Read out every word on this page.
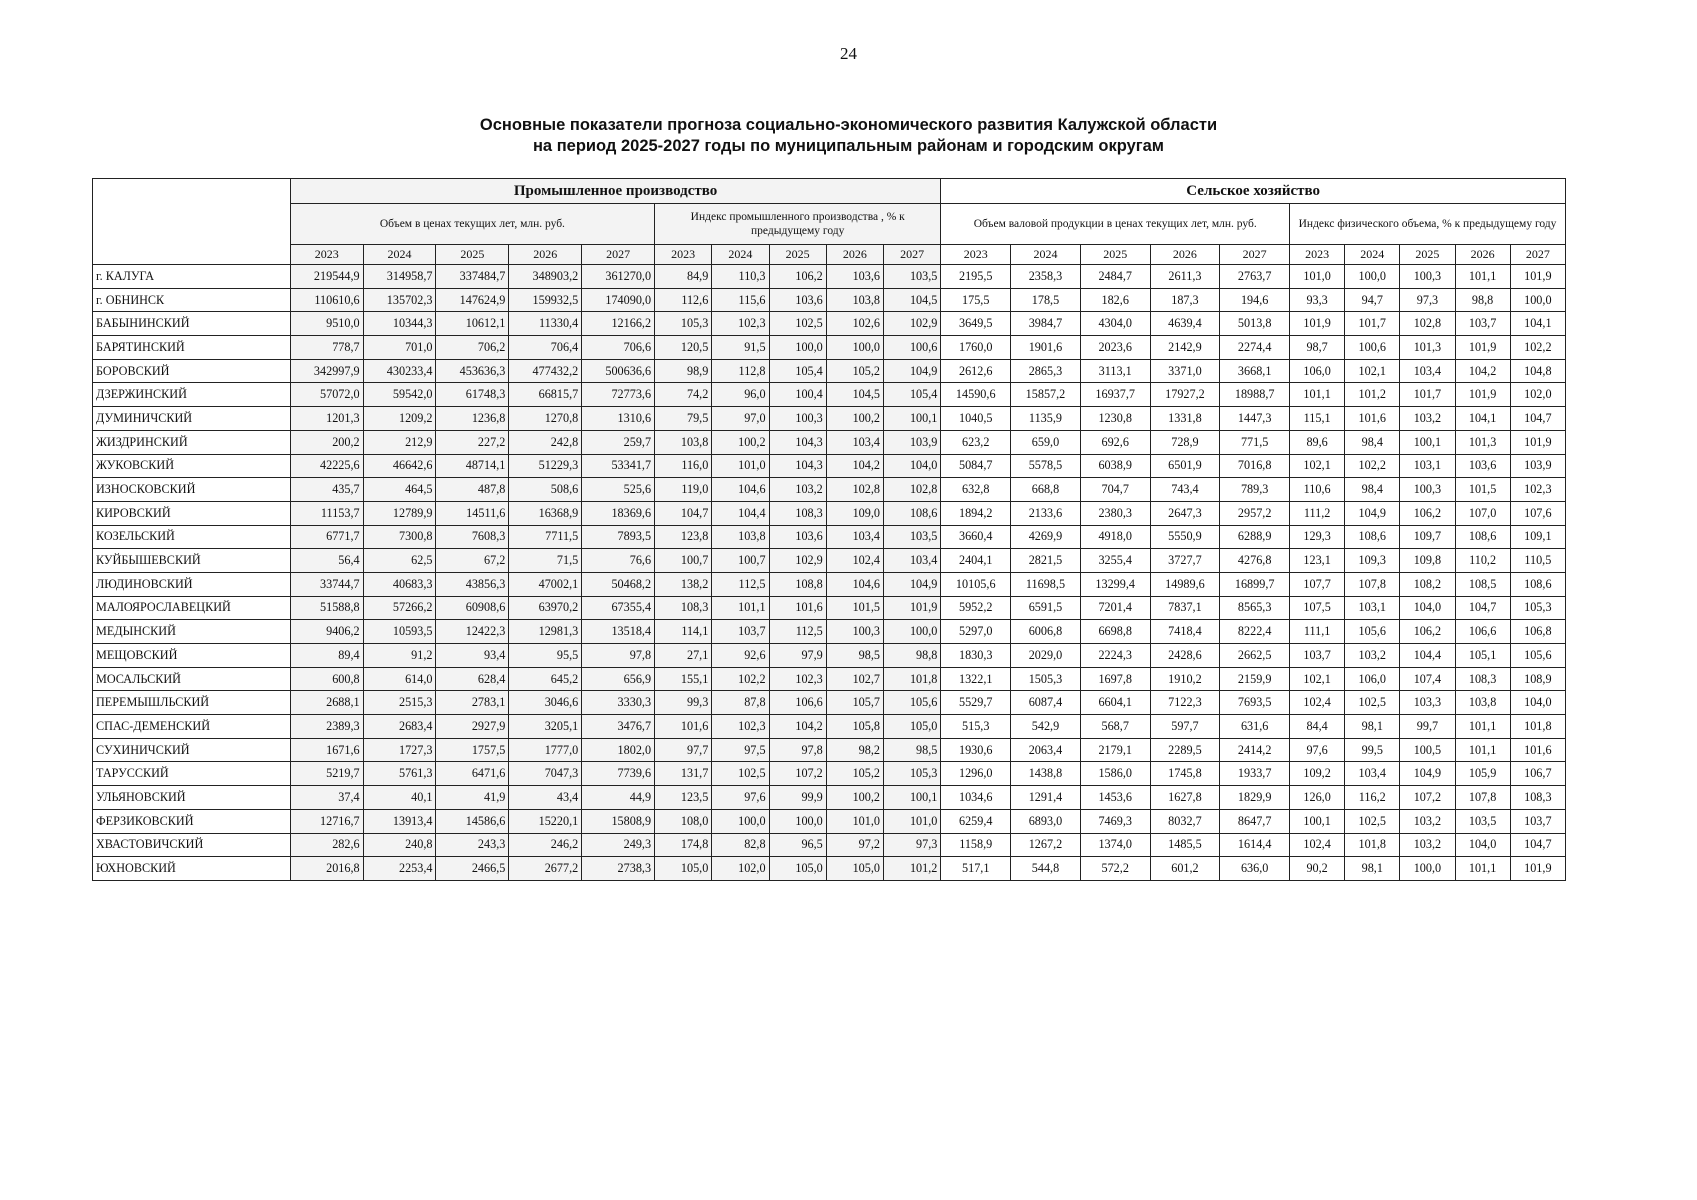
24
Основные показатели прогноза социально-экономического развития Калужской области
на период 2025-2027 годы по муниципальным районам и городским округам
	Промышленное производство										Сельское хозяйство									
	Объем в ценах текущих лет, млн. руб.					Индекс промышленного производства , % к предыдущему году					Объем валовой продукции в ценах текущих лет, млн. руб.					Индекс физического объема, % к предыдущему году				
	2023	2024	2025	2026	2027	2023	2024	2025	2026	2027	2023	2024	2025	2026	2027	2023	2024	2025	2026	2027
г. КАЛУГА	219544,9	314958,7	337484,7	348903,2	361270,0	84,9	110,3	106,2	103,6	103,5	2195,5	2358,3	2484,7	2611,3	2763,7	101,0	100,0	100,3	101,1	101,9
г. ОБНИНСК	110610,6	135702,3	147624,9	159932,5	174090,0	112,6	115,6	103,6	103,8	104,5	175,5	178,5	182,6	187,3	194,6	93,3	94,7	97,3	98,8	100,0
БАБЫНИНСКИЙ	9510,0	10344,3	10612,1	11330,4	12166,2	105,3	102,3	102,5	102,6	102,9	3649,5	3984,7	4304,0	4639,4	5013,8	101,9	101,7	102,8	103,7	104,1
БАРЯТИНСКИЙ	778,7	701,0	706,2	706,4	706,6	120,5	91,5	100,0	100,0	100,6	1760,0	1901,6	2023,6	2142,9	2274,4	98,7	100,6	101,3	101,9	102,2
БОРОВСКИЙ	342997,9	430233,4	453636,3	477432,2	500636,6	98,9	112,8	105,4	105,2	104,9	2612,6	2865,3	3113,1	3371,0	3668,1	106,0	102,1	103,4	104,2	104,8
ДЗЕРЖИНСКИЙ	57072,0	59542,0	61748,3	66815,7	72773,6	74,2	96,0	100,4	104,5	105,4	14590,6	15857,2	16937,7	17927,2	18988,7	101,1	101,2	101,7	101,9	102,0
ДУМИНИЧСКИЙ	1201,3	1209,2	1236,8	1270,8	1310,6	79,5	97,0	100,3	100,2	100,1	1040,5	1135,9	1230,8	1331,8	1447,3	115,1	101,6	103,2	104,1	104,7
ЖИЗДРИНСКИЙ	200,2	212,9	227,2	242,8	259,7	103,8	100,2	104,3	103,4	103,9	623,2	659,0	692,6	728,9	771,5	89,6	98,4	100,1	101,3	101,9
ЖУКОВСКИЙ	42225,6	46642,6	48714,1	51229,3	53341,7	116,0	101,0	104,3	104,2	104,0	5084,7	5578,5	6038,9	6501,9	7016,8	102,1	102,2	103,1	103,6	103,9
ИЗНОСКОВСКИЙ	435,7	464,5	487,8	508,6	525,6	119,0	104,6	103,2	102,8	102,8	632,8	668,8	704,7	743,4	789,3	110,6	98,4	100,3	101,5	102,3
КИРОВСКИЙ	11153,7	12789,9	14511,6	16368,9	18369,6	104,7	104,4	108,3	109,0	108,6	1894,2	2133,6	2380,3	2647,3	2957,2	111,2	104,9	106,2	107,0	107,6
КОЗЕЛЬСКИЙ	6771,7	7300,8	7608,3	7711,5	7893,5	123,8	103,8	103,6	103,4	103,5	3660,4	4269,9	4918,0	5550,9	6288,9	129,3	108,6	109,7	108,6	109,1
КУЙБЫШЕВСКИЙ	56,4	62,5	67,2	71,5	76,6	100,7	100,7	102,9	102,4	103,4	2404,1	2821,5	3255,4	3727,7	4276,8	123,1	109,3	109,8	110,2	110,5
ЛЮДИНОВСКИЙ	33744,7	40683,3	43856,3	47002,1	50468,2	138,2	112,5	108,8	104,6	104,9	10105,6	11698,5	13299,4	14989,6	16899,7	107,7	107,8	108,2	108,5	108,6
МАЛОЯРОСЛАВЕЦКИЙ	51588,8	57266,2	60908,6	63970,2	67355,4	108,3	101,1	101,6	101,5	101,9	5952,2	6591,5	7201,4	7837,1	8565,3	107,5	103,1	104,0	104,7	105,3
МЕДЫНСКИЙ	9406,2	10593,5	12422,3	12981,3	13518,4	114,1	103,7	112,5	100,3	100,0	5297,0	6006,8	6698,8	7418,4	8222,4	111,1	105,6	106,2	106,6	106,8
МЕЩОВСКИЙ	89,4	91,2	93,4	95,5	97,8	27,1	92,6	97,9	98,5	98,8	1830,3	2029,0	2224,3	2428,6	2662,5	103,7	103,2	104,4	105,1	105,6
МОСАЛЬСКИЙ	600,8	614,0	628,4	645,2	656,9	155,1	102,2	102,3	102,7	101,8	1322,1	1505,3	1697,8	1910,2	2159,9	102,1	106,0	107,4	108,3	108,9
ПЕРЕМЫШЛЬСКИЙ	2688,1	2515,3	2783,1	3046,6	3330,3	99,3	87,8	106,6	105,7	105,6	5529,7	6087,4	6604,1	7122,3	7693,5	102,4	102,5	103,3	103,8	104,0
СПАС-ДЕМЕНСКИЙ	2389,3	2683,4	2927,9	3205,1	3476,7	101,6	102,3	104,2	105,8	105,0	515,3	542,9	568,7	597,7	631,6	84,4	98,1	99,7	101,1	101,8
СУХИНИЧСКИЙ	1671,6	1727,3	1757,5	1777,0	1802,0	97,7	97,5	97,8	98,2	98,5	1930,6	2063,4	2179,1	2289,5	2414,2	97,6	99,5	100,5	101,1	101,6
ТАРУССКИЙ	5219,7	5761,3	6471,6	7047,3	7739,6	131,7	102,5	107,2	105,2	105,3	1296,0	1438,8	1586,0	1745,8	1933,7	109,2	103,4	104,9	105,9	106,7
УЛЬЯНОВСКИЙ	37,4	40,1	41,9	43,4	44,9	123,5	97,6	99,9	100,2	100,1	1034,6	1291,4	1453,6	1627,8	1829,9	126,0	116,2	107,2	107,8	108,3
ФЕРЗИКОВСКИЙ	12716,7	13913,4	14586,6	15220,1	15808,9	108,0	100,0	100,0	101,0	101,0	6259,4	6893,0	7469,3	8032,7	8647,7	100,1	102,5	103,2	103,5	103,7
ХВАСТОВИЧСКИЙ	282,6	240,8	243,3	246,2	249,3	174,8	82,8	96,5	97,2	97,3	1158,9	1267,2	1374,0	1485,5	1614,4	102,4	101,8	103,2	104,0	104,7
ЮХНОВСКИЙ	2016,8	2253,4	2466,5	2677,2	2738,3	105,0	102,0	105,0	105,0	101,2	517,1	544,8	572,2	601,2	636,0	90,2	98,1	100,0	101,1	101,9
